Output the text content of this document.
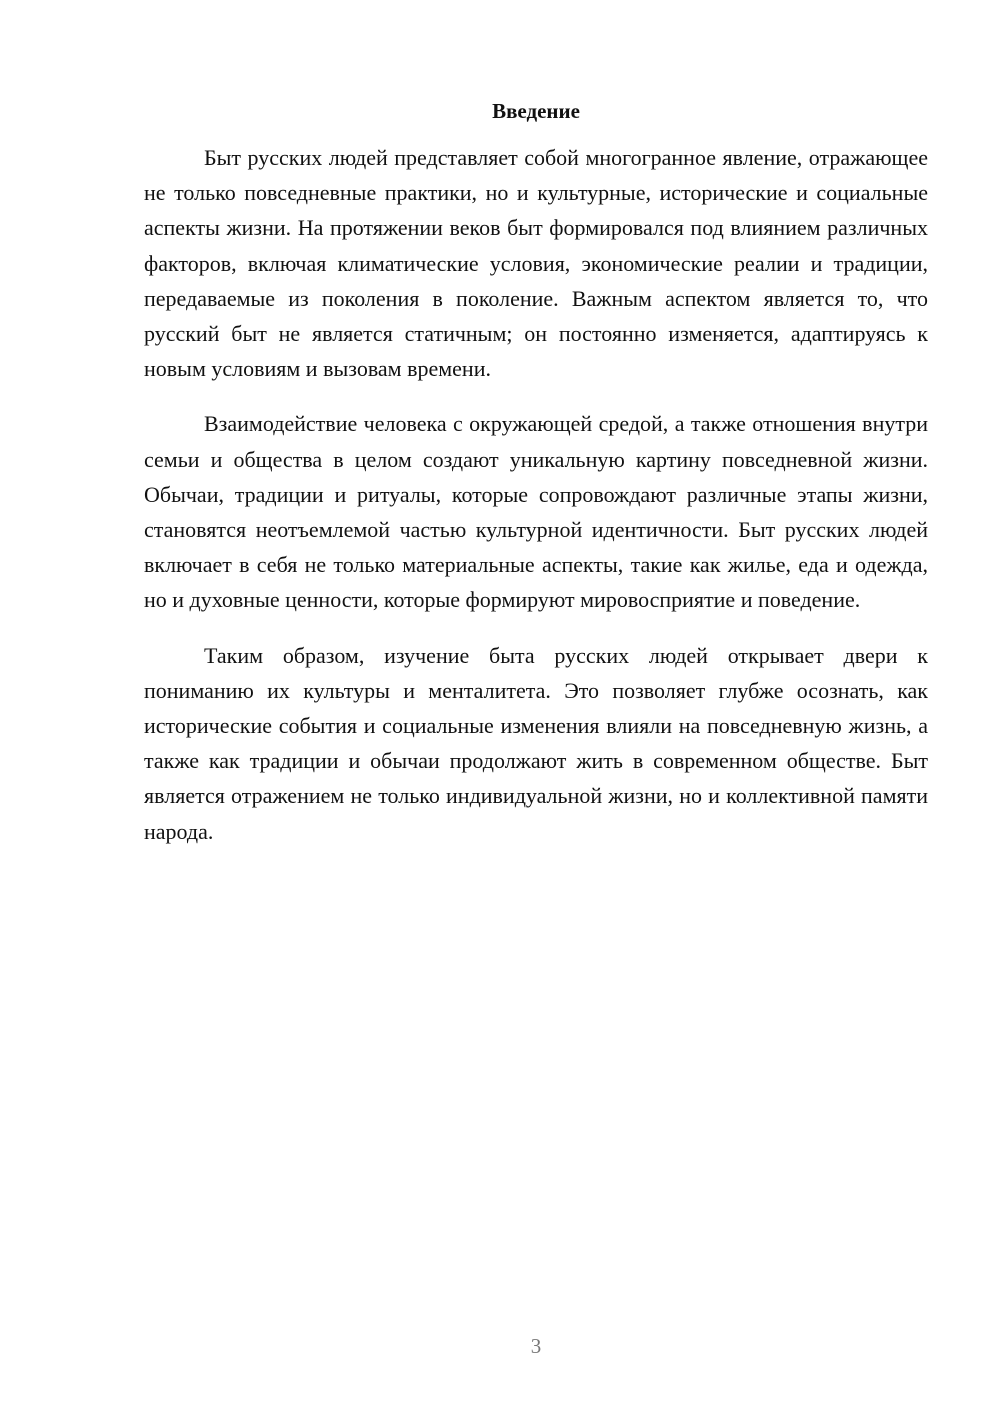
Введение

Быт русских людей представляет собой многогранное явление, отражающее не только повседневные практики, но и культурные, исторические и социальные аспекты жизни. На протяжении веков быт формировался под влиянием различных факторов, включая климатические условия, экономические реалии и традиции, передаваемые из поколения в поколение. Важным аспектом является то, что русский быт не является статичным; он постоянно изменяется, адаптируясь к новым условиям и вызовам времени.

Взаимодействие человека с окружающей средой, а также отношения внутри семьи и общества в целом создают уникальную картину повседневной жизни. Обычаи, традиции и ритуалы, которые сопровождают различные этапы жизни, становятся неотъемлемой частью культурной идентичности. Быт русских людей включает в себя не только материальные аспекты, такие как жилье, еда и одежда, но и духовные ценности, которые формируют мировосприятие и поведение.

Таким образом, изучение быта русских людей открывает двери к пониманию их культуры и менталитета. Это позволяет глубже осознать, как исторические события и социальные изменения влияли на повседневную жизнь, а также как традиции и обычаи продолжают жить в современном обществе. Быт является отражением не только индивидуальной жизни, но и коллективной памяти народа.

3
